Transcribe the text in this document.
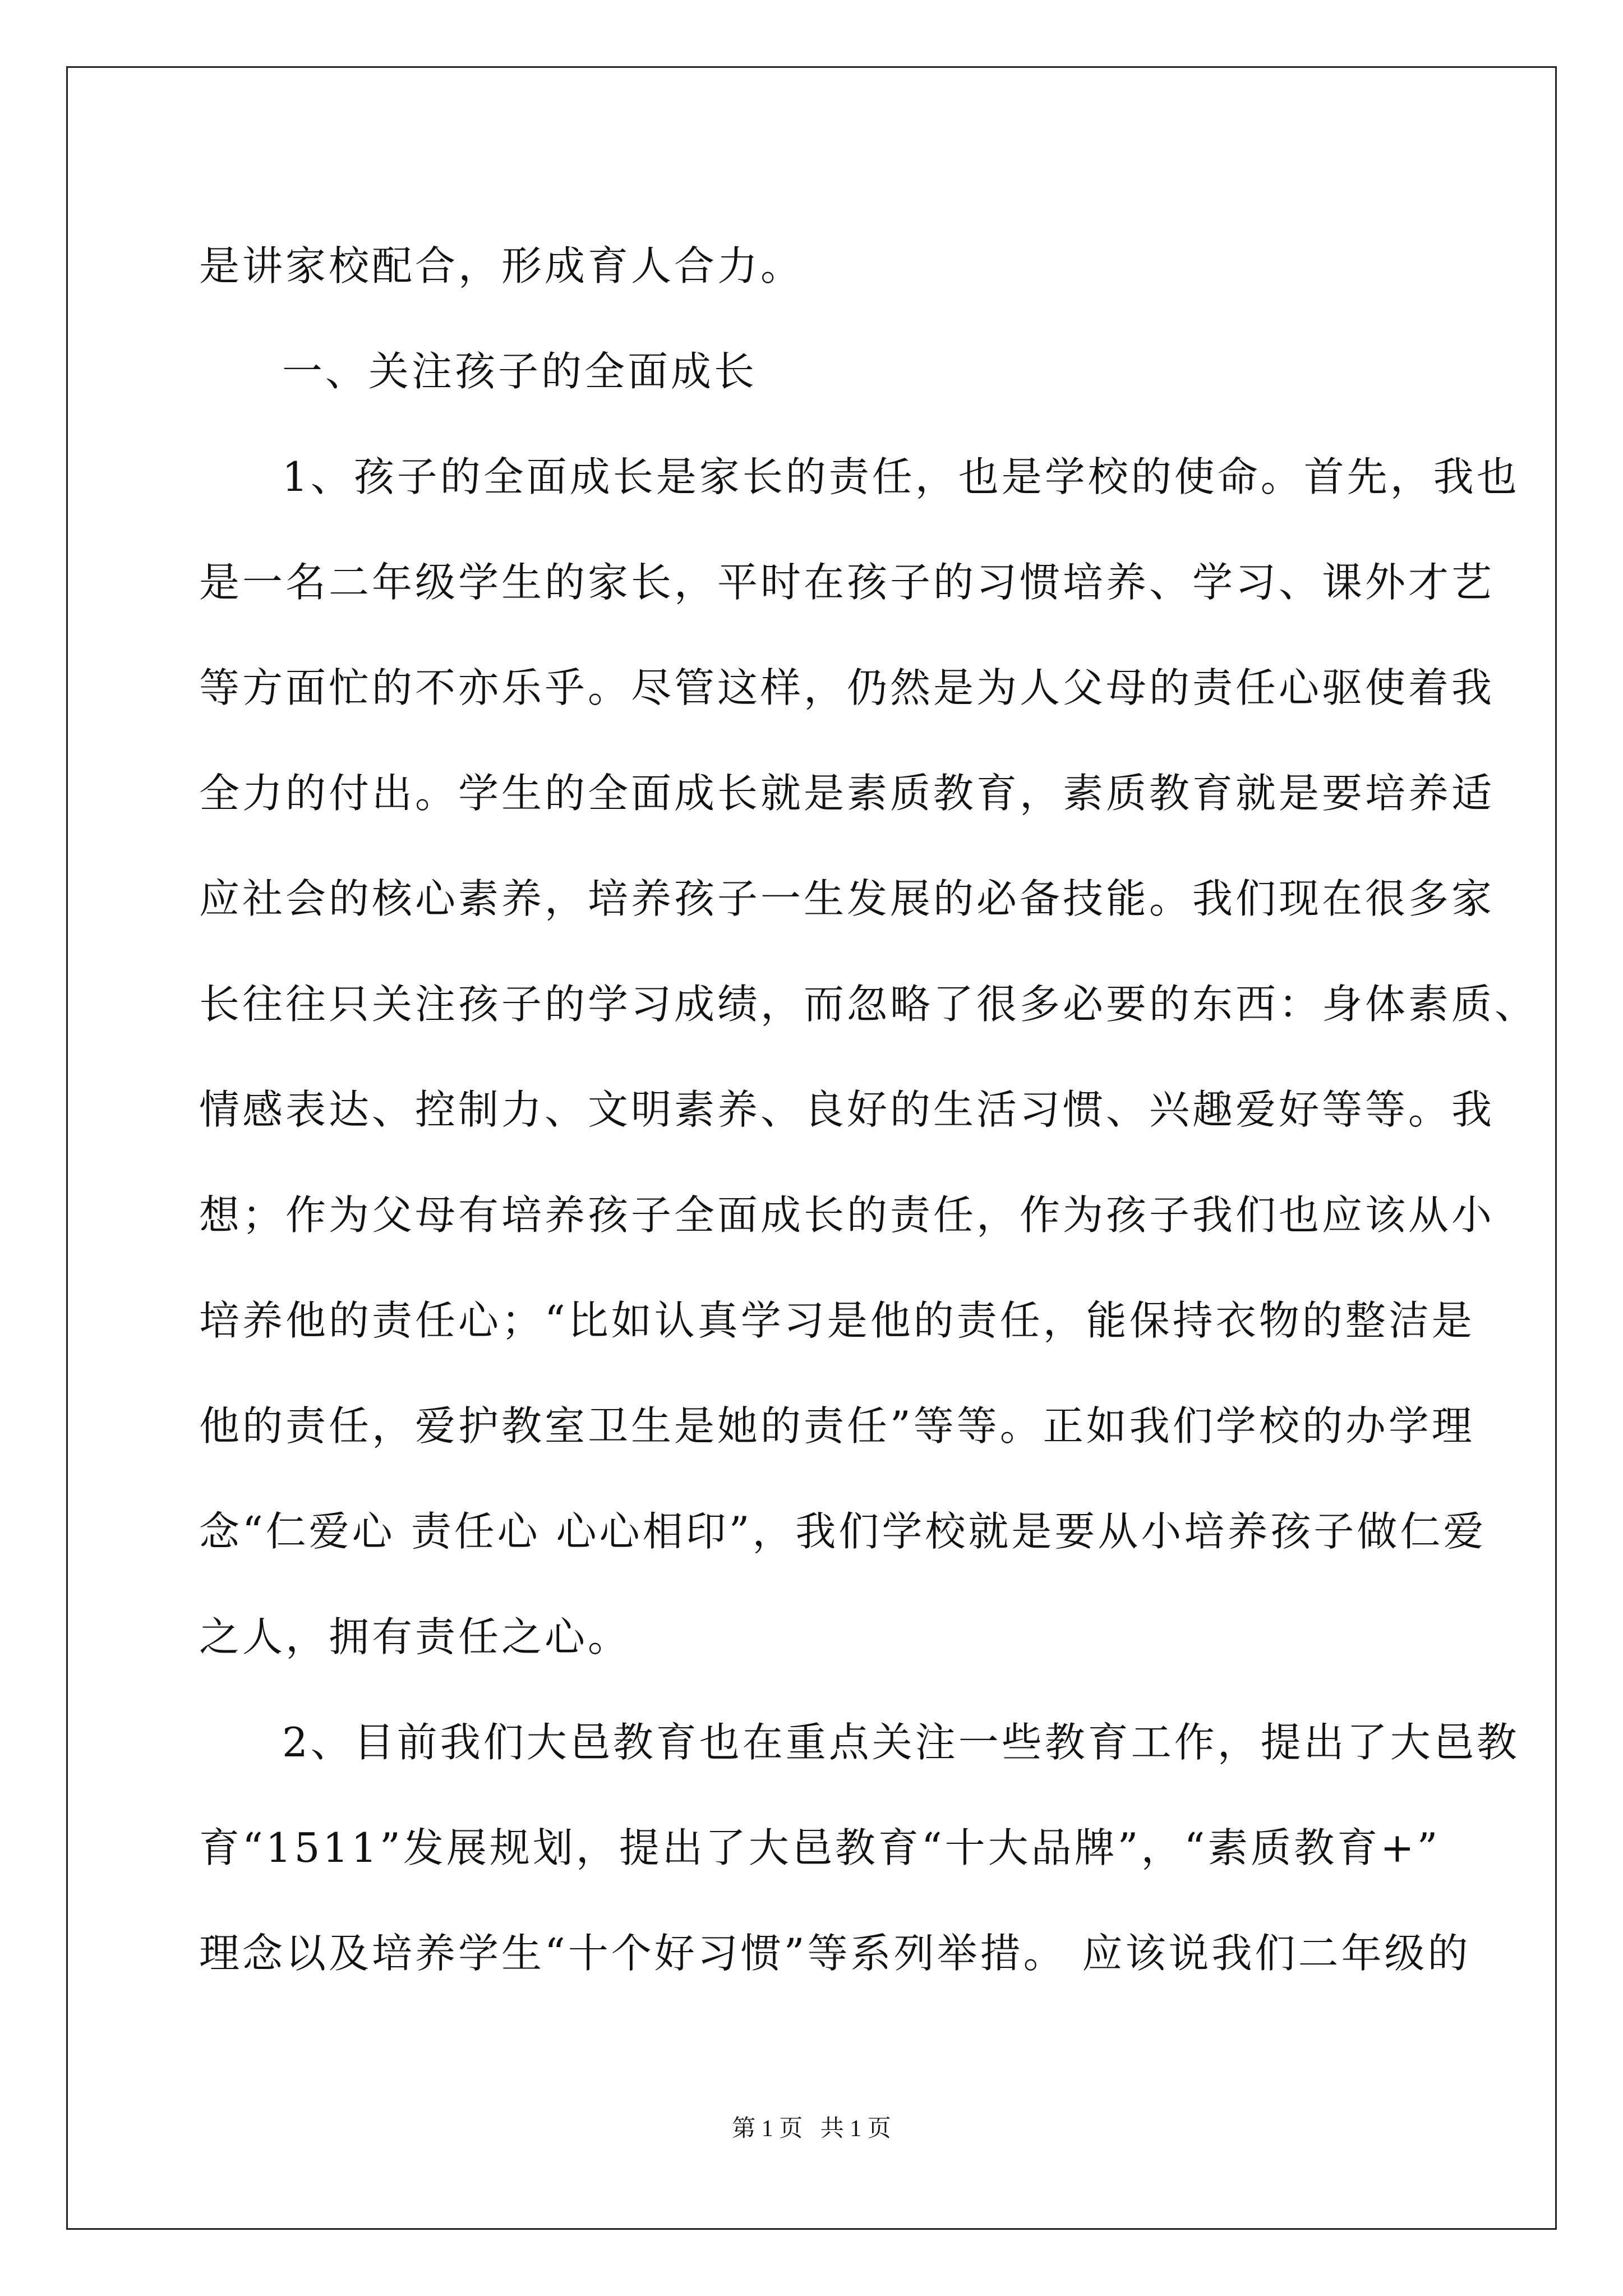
是讲家校配合，形成育人合力。
一、关注孩子的全面成长
1、孩子的全面成长是家长的责任，也是学校的使命。首先，我也
是一名二年级学生的家长，平时在孩子的习惯培养、学习、课外才艺
等方面忙的不亦乐乎。尽管这样，仍然是为人父母的责任心驱使着我
全力的付出。学生的全面成长就是素质教育，素质教育就是要培养适
应社会的核心素养，培养孩子一生发展的必备技能。我们现在很多家
长往往只关注孩子的学习成绩，而忽略了很多必要的东西：身体素质、
情感表达、控制力、文明素养、良好的生活习惯、兴趣爱好等等。我
想；作为父母有培养孩子全面成长的责任，作为孩子我们也应该从小
培养他的责任心；“比如认真学习是他的责任，能保持衣物的整洁是
他的责任，爱护教室卫生是她的责任”等等。正如我们学校的办学理
念“仁爱心 责任心 心心相印”，我们学校就是要从小培养孩子做仁爱
之人，拥有责任之心。
2、目前我们大邑教育也在重点关注一些教育工作，提出了大邑教
育“1511”发展规划，提出了大邑教育“十大品牌”，“素质教育+”
理念以及培养学生“十个好习惯”等系列举措。 应该说我们二年级的
第 1 页   共 1 页
